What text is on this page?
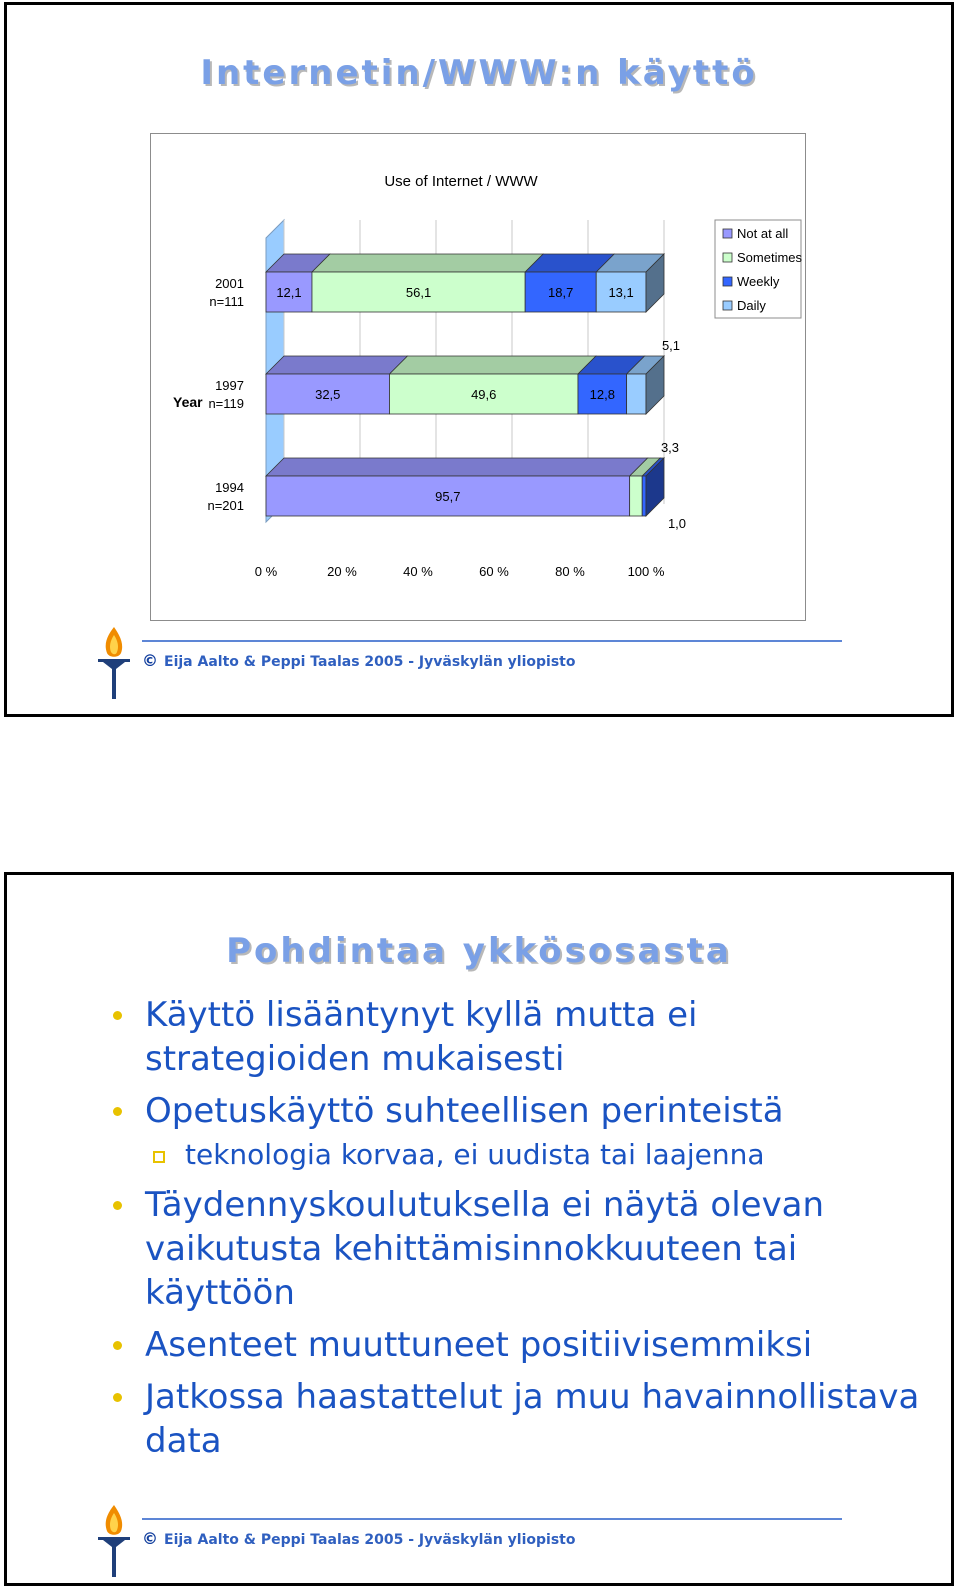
Internetin/WWW:n käyttö
Use of Internet / WWW
2001
n=111
12,1	56,1	18,7	13,1
1997
n=119
32,5	49,6	12,8
5,1
1994
n=201
95,7
3,3
1,0
Year
0 %	20 %	40 %	60 %	80 %	100 %
Not at all
Sometimes
Weekly
Daily
© Eija Aalto & Peppi Taalas 2005 - Jyväskylän yliopisto
Pohdintaa ykkösosasta
Käyttö lisääntynyt kyllä mutta ei strategioiden mukaisesti
Opetuskäyttö suhteellisen perinteistä
teknologia korvaa, ei uudista tai laajenna
Täydennyskoulutuksella ei näytä olevan vaikutusta kehittämisinnokkuuteen tai käyttöön
Asenteet muuttuneet positiivisemmiksi
Jatkossa haastattelut ja muu havainnollistava data
© Eija Aalto & Peppi Taalas 2005 - Jyväskylän yliopisto
